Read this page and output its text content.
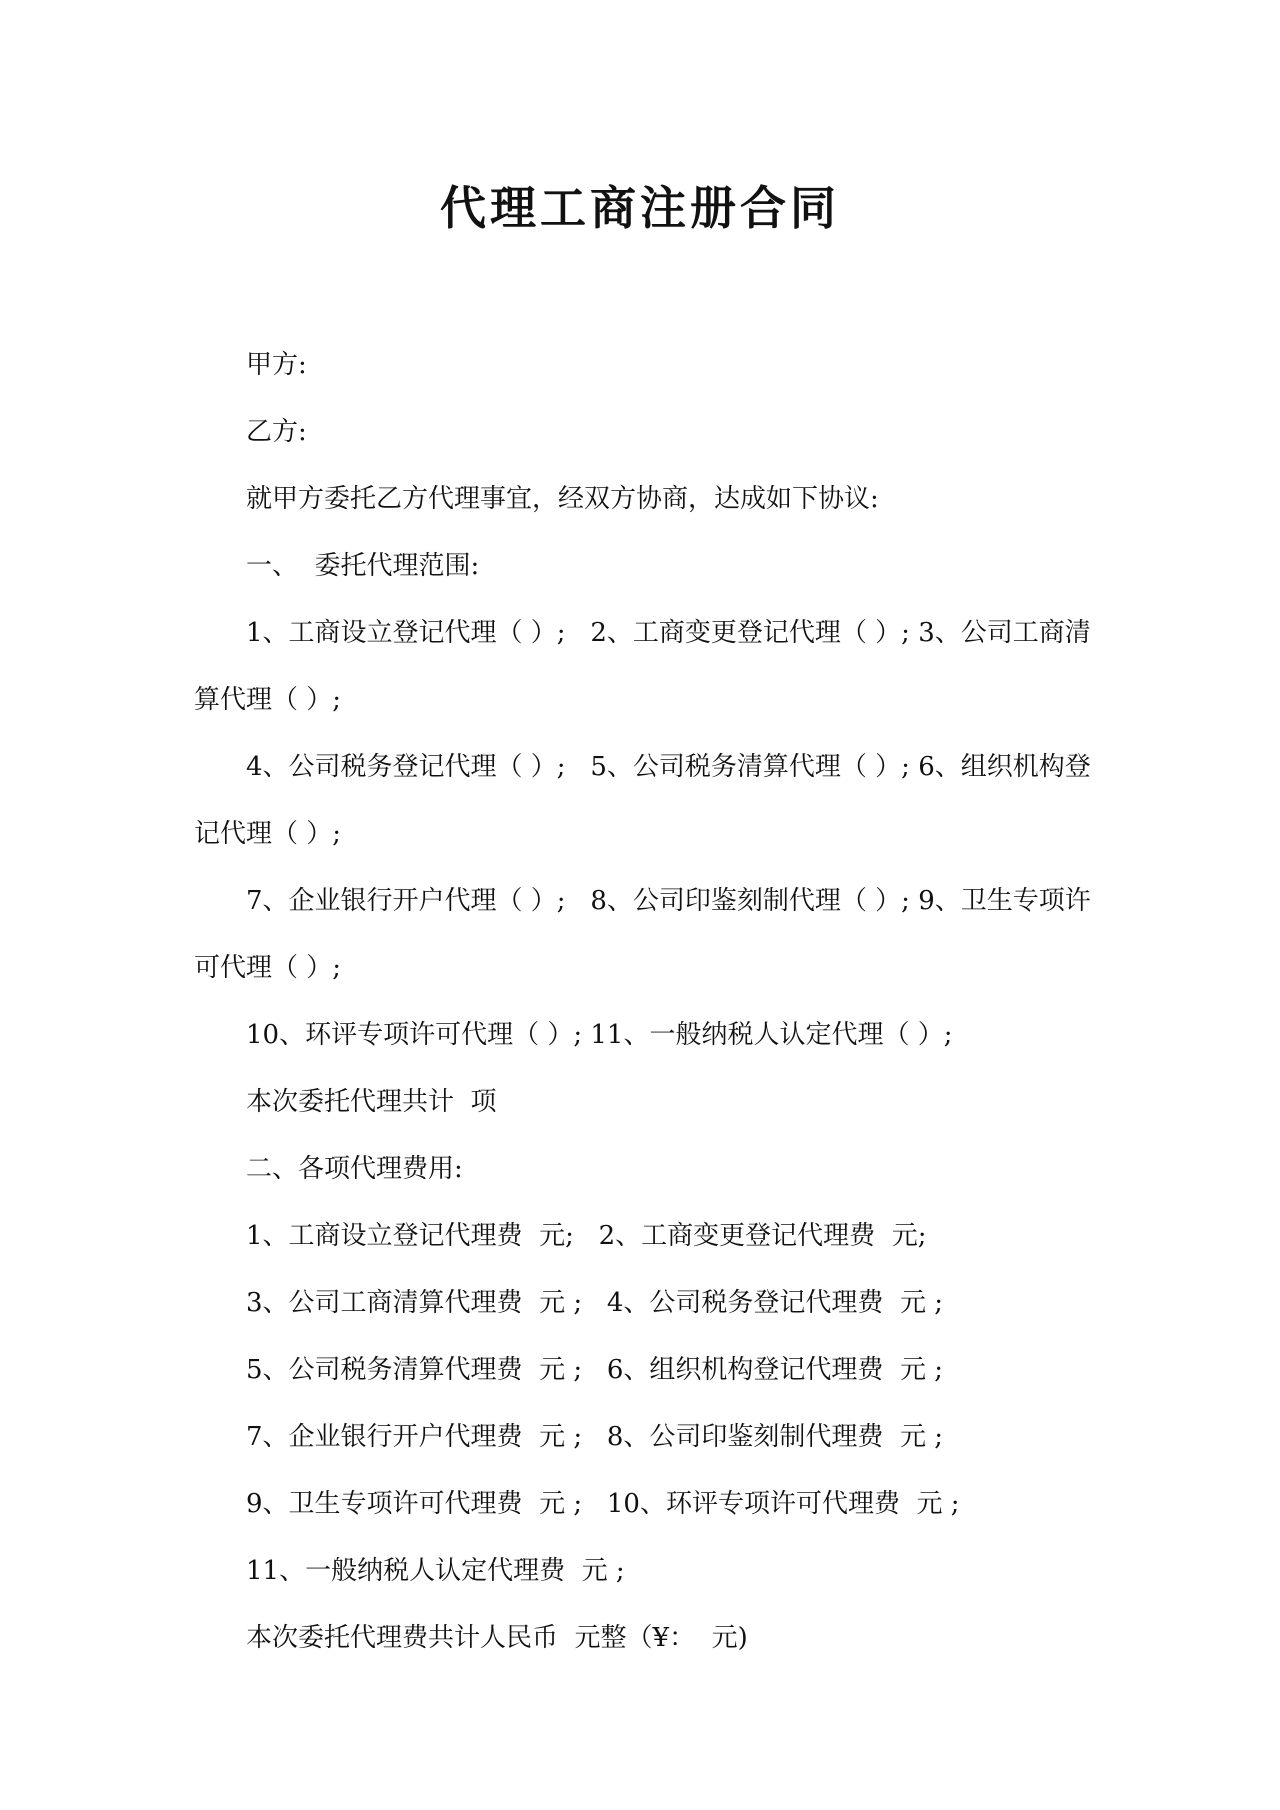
代理工商注册合同

甲方:

乙方:

就甲方委托乙方代理事宜，经双方协商，达成如下协议:

一、  委托代理范围:

1、工商设立登记代理（ ）;   2、工商变更登记代理（ ）; 3、公司工商清

算代理（ ）;

4、公司税务登记代理（ ）;   5、公司税务清算代理（ ）; 6、组织机构登

记代理（ ）;

7、企业银行开户代理（ ）;   8、公司印鉴刻制代理（ ）; 9、卫生专项许

可代理（ ）;

10、环评专项许可代理（ ）; 11、一般纳税人认定代理（ ）;

本次委托代理共计  项

二、各项代理费用:

1、工商设立登记代理费  元;   2、工商变更登记代理费  元;

3、公司工商清算代理费  元 ;   4、公司税务登记代理费  元 ;

5、公司税务清算代理费  元 ;   6、组织机构登记代理费  元 ;

7、企业银行开户代理费  元 ;   8、公司印鉴刻制代理费  元 ;

9、卫生专项许可代理费  元 ;   10、环评专项许可代理费  元 ;

11、一般纳税人认定代理费  元 ;

本次委托代理费共计人民币  元整（¥：  元)
